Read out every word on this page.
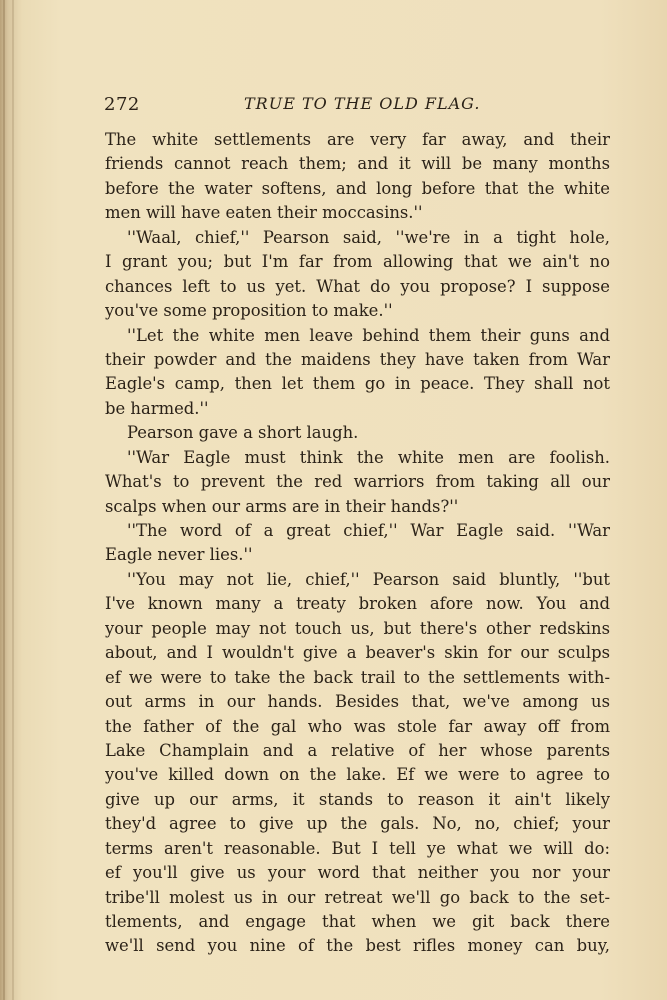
272	TRUE TO THE OLD FLAG.
The white settlements are very far away, and their
friends cannot reach them; and it will be many months
before the water softens, and long before that the white
men will have eaten their moccasins.''
''Waal, chief,'' Pearson said, ''we're in a tight hole,
I grant you; but I'm far from allowing that we ain't no
chances left to us yet. What do you propose? I suppose
you've some proposition to make.''
''Let the white men leave behind them their guns and
their powder and the maidens they have taken from War
Eagle's camp, then let them go in peace. They shall not
be harmed.''
Pearson gave a short laugh.
''War Eagle must think the white men are foolish.
What's to prevent the red warriors from taking all our
scalps when our arms are in their hands?''
''The word of a great chief,'' War Eagle said. ''War
Eagle never lies.''
''You may not lie, chief,'' Pearson said bluntly, ''but
I've known many a treaty broken afore now. You and
your people may not touch us, but there's other redskins
about, and I wouldn't give a beaver's skin for our sculps
ef we were to take the back trail to the settlements with-
out arms in our hands. Besides that, we've among us
the father of the gal who was stole far away off from
Lake Champlain and a relative of her whose parents
you've killed down on the lake. Ef we were to agree to
give up our arms, it stands to reason it ain't likely
they'd agree to give up the gals. No, no, chief; your
terms aren't reasonable. But I tell ye what we will do:
ef you'll give us your word that neither you nor your
tribe'll molest us in our retreat we'll go back to the set-
tlements, and engage that when we git back there
we'll send you nine of the best rifles money can buy,
